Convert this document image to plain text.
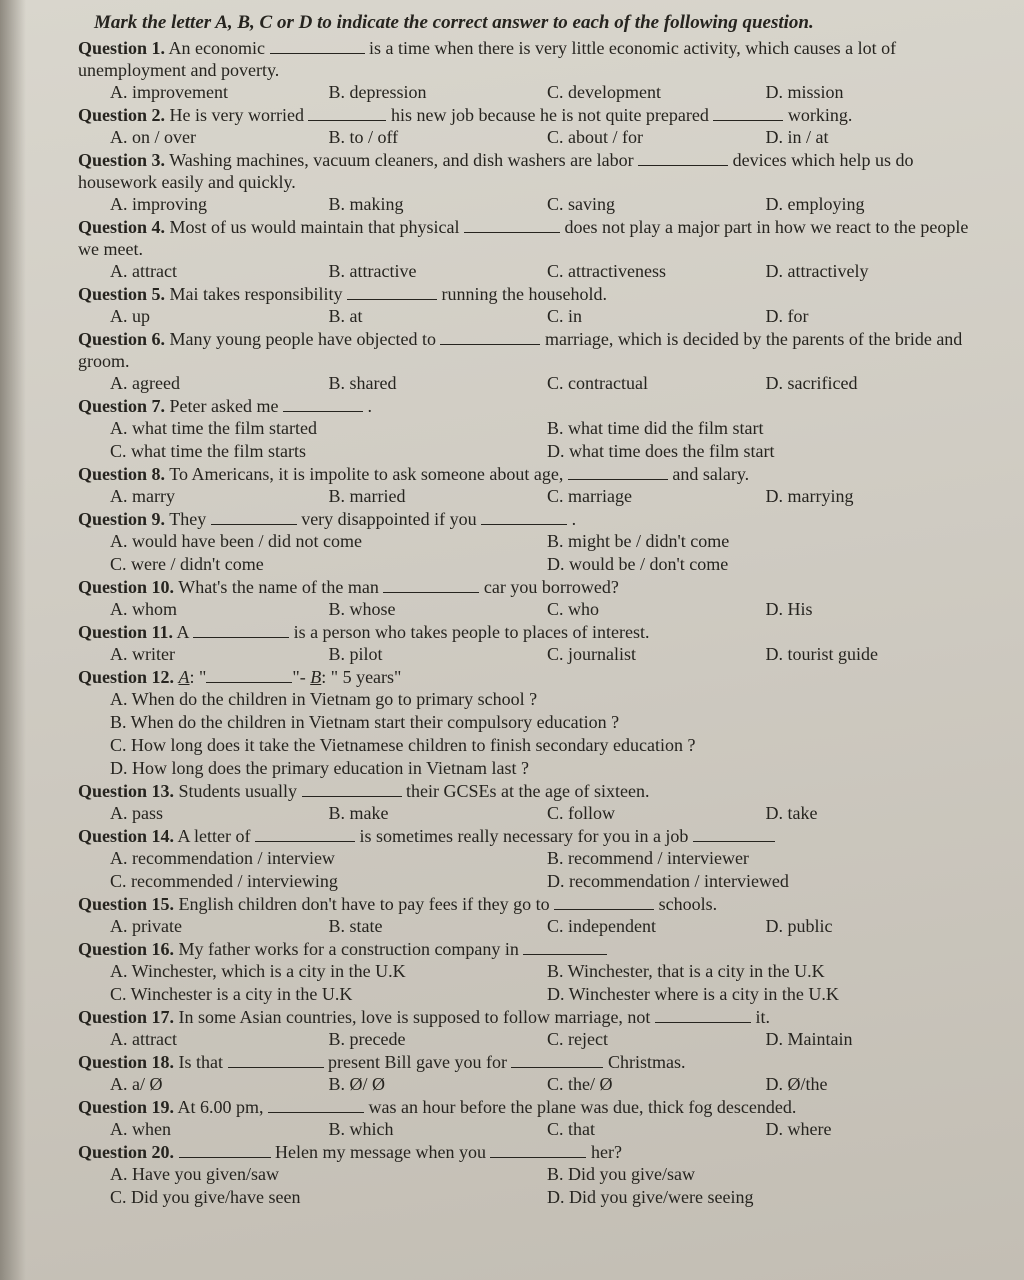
Mark the letter A, B, C or D to indicate the correct answer to each of the following question.
Question 1. An economic	is a time when there is very little economic activity, which causes a lot of unemployment and poverty.
A. improvement	B. depression	C. development	D. mission
Question 2. He is very worried	his new job because he is not quite prepared	working.
A. on / over	B. to / off	C. about / for	D. in / at
Question 3. Washing machines, vacuum cleaners, and dish washers are labor	devices which help us do housework easily and quickly.
A. improving	B. making	C. saving	D. employing
Question 4. Most of us would maintain that physical	does not play a major part in how we react to the people we meet.
A. attract	B. attractive	C. attractiveness	D. attractively
Question 5. Mai takes responsibility	running the household.
A. up	B. at	C. in	D. for
Question 6. Many young people have objected to	marriage, which is decided by the parents of the bride and groom.
A. agreed	B. shared	C. contractual	D. sacrificed
Question 7. Peter asked me	.
A. what time the film started	B. what time did the film start
C. what time the film starts	D. what time does the film start
Question 8. To Americans, it is impolite to ask someone about age,	and salary.
A. marry	B. married	C. marriage	D. marrying
Question 9. They	very disappointed if you	.
A. would have been / did not come	B. might be / didn't come
C. were / didn't come	D. would be / don't come
Question 10. What's the name of the man	car you borrowed?
A. whom	B. whose	C. who	D. His
Question 11. A	is a person who takes people to places of interest.
A. writer	B. pilot	C. journalist	D. tourist guide
Question 12. A: "	"- B: " 5 years"
A. When do the children in Vietnam go to primary school ?
B. When do the children in Vietnam start their compulsory education ?
C. How long does it take the Vietnamese children to finish secondary education ?
D. How long does the primary education in Vietnam last ?
Question 13. Students usually	their GCSEs at the age of sixteen.
A. pass	B. make	C. follow	D. take
Question 14. A letter of	is sometimes really necessary for you in a job
A. recommendation / interview	B. recommend / interviewer
C. recommended / interviewing	D. recommendation / interviewed
Question 15. English children don't have to pay fees if they go to	schools.
A. private	B. state	C. independent	D. public
Question 16. My father works for a construction company in
A. Winchester, which is a city in the U.K	B. Winchester, that is a city in the U.K
C. Winchester is a city in the U.K	D. Winchester where is a city in the U.K
Question 17. In some Asian countries, love is supposed to follow marriage, not	it.
A. attract	B. precede	C. reject	D. Maintain
Question 18. Is that	present Bill gave you for	Christmas.
A. a/ Ø	B. Ø/ Ø	C. the/ Ø	D. Ø/the
Question 19. At 6.00 pm,	was an hour before the plane was due, thick fog descended.
A. when	B. which	C. that	D. where
Question 20.	Helen my message when you	her?
A. Have you given/saw	B. Did you give/saw
C. Did you give/have seen	D. Did you give/were seeing
